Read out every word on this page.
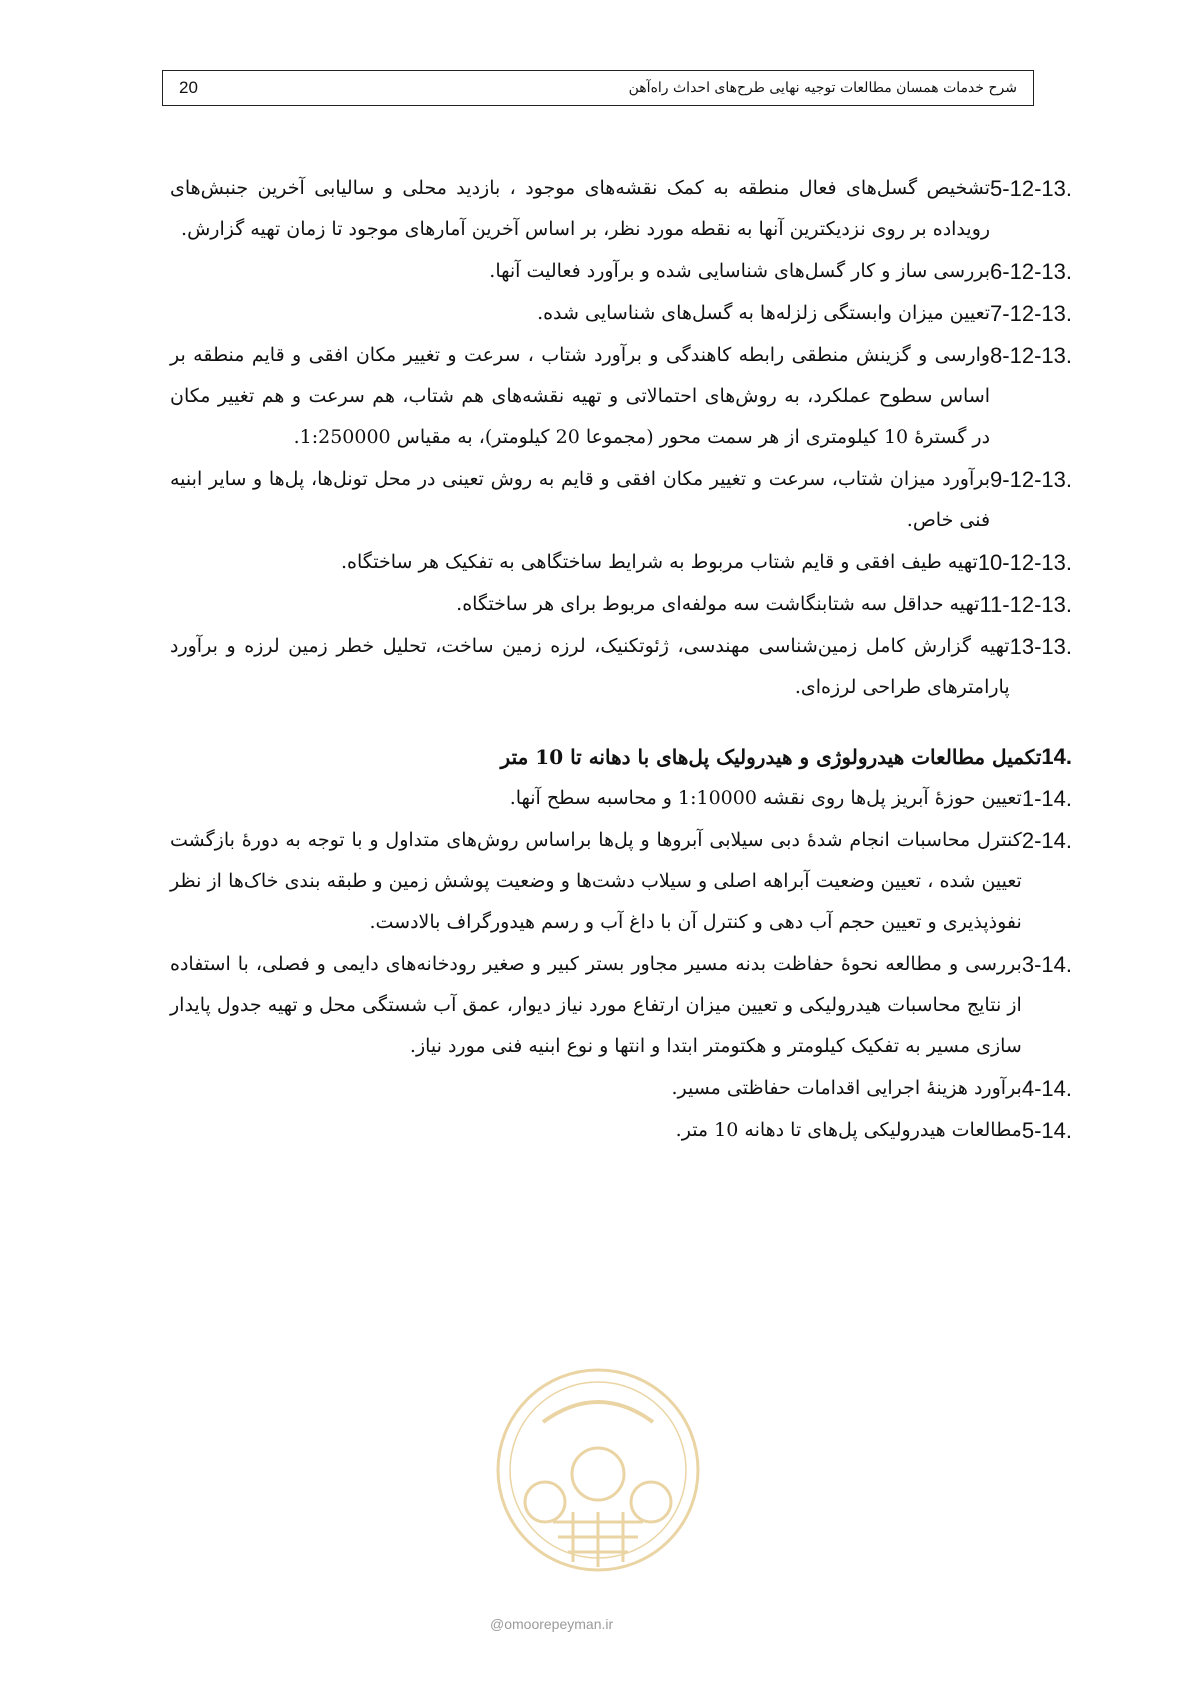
20	شرح خدمات همسان مطالعات توجیه نهایی طرح‌های احداث راه‌آهن
5-12-13.
تشخیص گسل‌های فعال منطقه به کمک نقشه‌های موجود ، بازدید محلی و سالیابی آخرین جنبش‌های رویداده بر روی نزدیکترین آنها به نقطه مورد نظر، بر اساس آخرین آمارهای موجود تا زمان تهیه گزارش.
6-12-13.
بررسی ساز و کار گسل‌های شناسایی شده و برآورد فعالیت آنها.
7-12-13.
تعیین میزان وابستگی زلزله‌ها به گسل‌های شناسایی شده.
8-12-13.
وارسی و گزینش منطقی رابطه کاهندگی و برآورد شتاب ، سرعت و تغییر مکان افقی و قایم منطقه بر اساس سطوح عملکرد، به روش‌های احتمالاتی و تهیه نقشه‌های هم شتاب، هم سرعت و هم تغییر مکان در گسترهٔ 10 کیلومتری از هر سمت محور (مجموعا 20 کیلومتر)، به مقیاس 1:250000.
9-12-13.
برآورد میزان شتاب، سرعت و تغییر مکان افقی و قایم به روش تعینی در محل تونل‌ها، پل‌ها و سایر ابنیه فنی خاص.
10-12-13.
تهیه طیف افقی و قایم شتاب مربوط به شرایط ساختگاهی به تفکیک هر ساختگاه.
11-12-13.
تهیه حداقل سه شتابنگاشت سه مولفه‌ای مربوط برای هر ساختگاه.
13-13.
تهیه گزارش کامل زمین‌شناسی مهندسی، ژئوتکنیک، لرزه زمین ساخت، تحلیل خطر زمین لرزه و برآورد پارامترهای طراحی لرزه‌ای.
14.
تکمیل مطالعات هیدرولوژی و هیدرولیک پل‌های با دهانه تا 10 متر
1-14.
تعیین حوزهٔ آبریز پل‌ها روی نقشه 1:10000 و محاسبه سطح آنها.
2-14.
کنترل محاسبات انجام شدهٔ دبی سیلابی آبروها و پل‌ها براساس روش‌های متداول و با توجه به دورهٔ بازگشت تعیین شده ، تعیین وضعیت آبراهه اصلی و سیلاب دشت‌ها و وضعیت پوشش زمین و طبقه بندی خاک‌ها از نظر نفوذپذیری و تعیین حجم آب دهی و کنترل آن با داغ آب و رسم هیدورگراف بالادست.
3-14.
بررسی و مطالعه نحوهٔ حفاظت بدنه مسیر مجاور بستر کبیر و صغیر رودخانه‌های دایمی و فصلی، با استفاده از نتایج محاسبات هیدرولیکی و تعیین میزان ارتفاع مورد نیاز دیوار، عمق آب شستگی محل و تهیه جدول پایدار سازی مسیر به تفکیک کیلومتر و هکتومتر ابتدا و انتها و نوع ابنیه فنی مورد نیاز.
4-14.
برآورد هزینهٔ اجرایی اقدامات حفاظتی مسیر.
5-14.
مطالعات هیدرولیکی پل‌های تا دهانه 10 متر.
@omoorepeyman.ir
